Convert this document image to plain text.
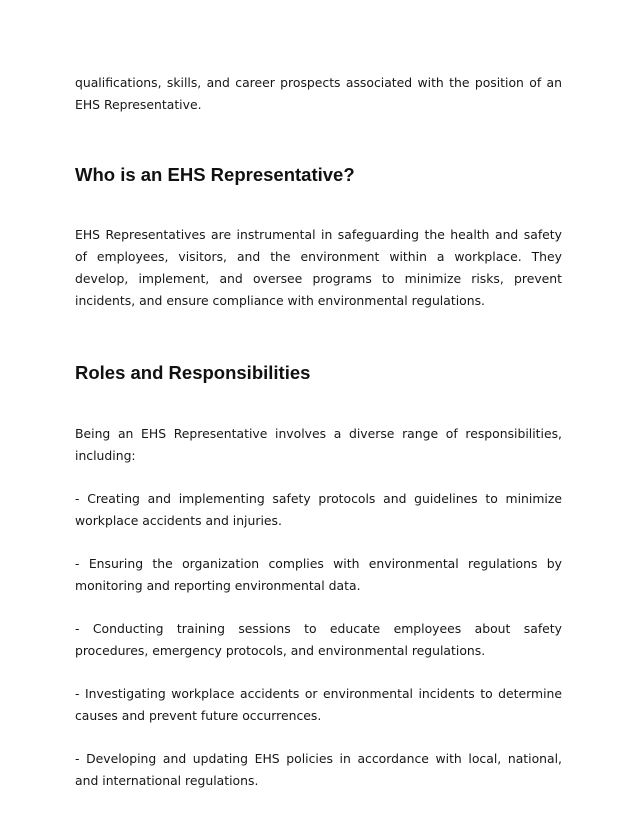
qualifications, skills, and career prospects associated with the position of an EHS Representative.

Who is an EHS Representative?

EHS Representatives are instrumental in safeguarding the health and safety of employees, visitors, and the environment within a workplace. They develop, implement, and oversee programs to minimize risks, prevent incidents, and ensure compliance with environmental regulations.

Roles and Responsibilities

Being an EHS Representative involves a diverse range of responsibilities, including:

- Creating and implementing safety protocols and guidelines to minimize workplace accidents and injuries.

- Ensuring the organization complies with environmental regulations by monitoring and reporting environmental data.

- Conducting training sessions to educate employees about safety procedures, emergency protocols, and environmental regulations.

- Investigating workplace accidents or environmental incidents to determine causes and prevent future occurrences.

- Developing and updating EHS policies in accordance with local, national, and international regulations.
